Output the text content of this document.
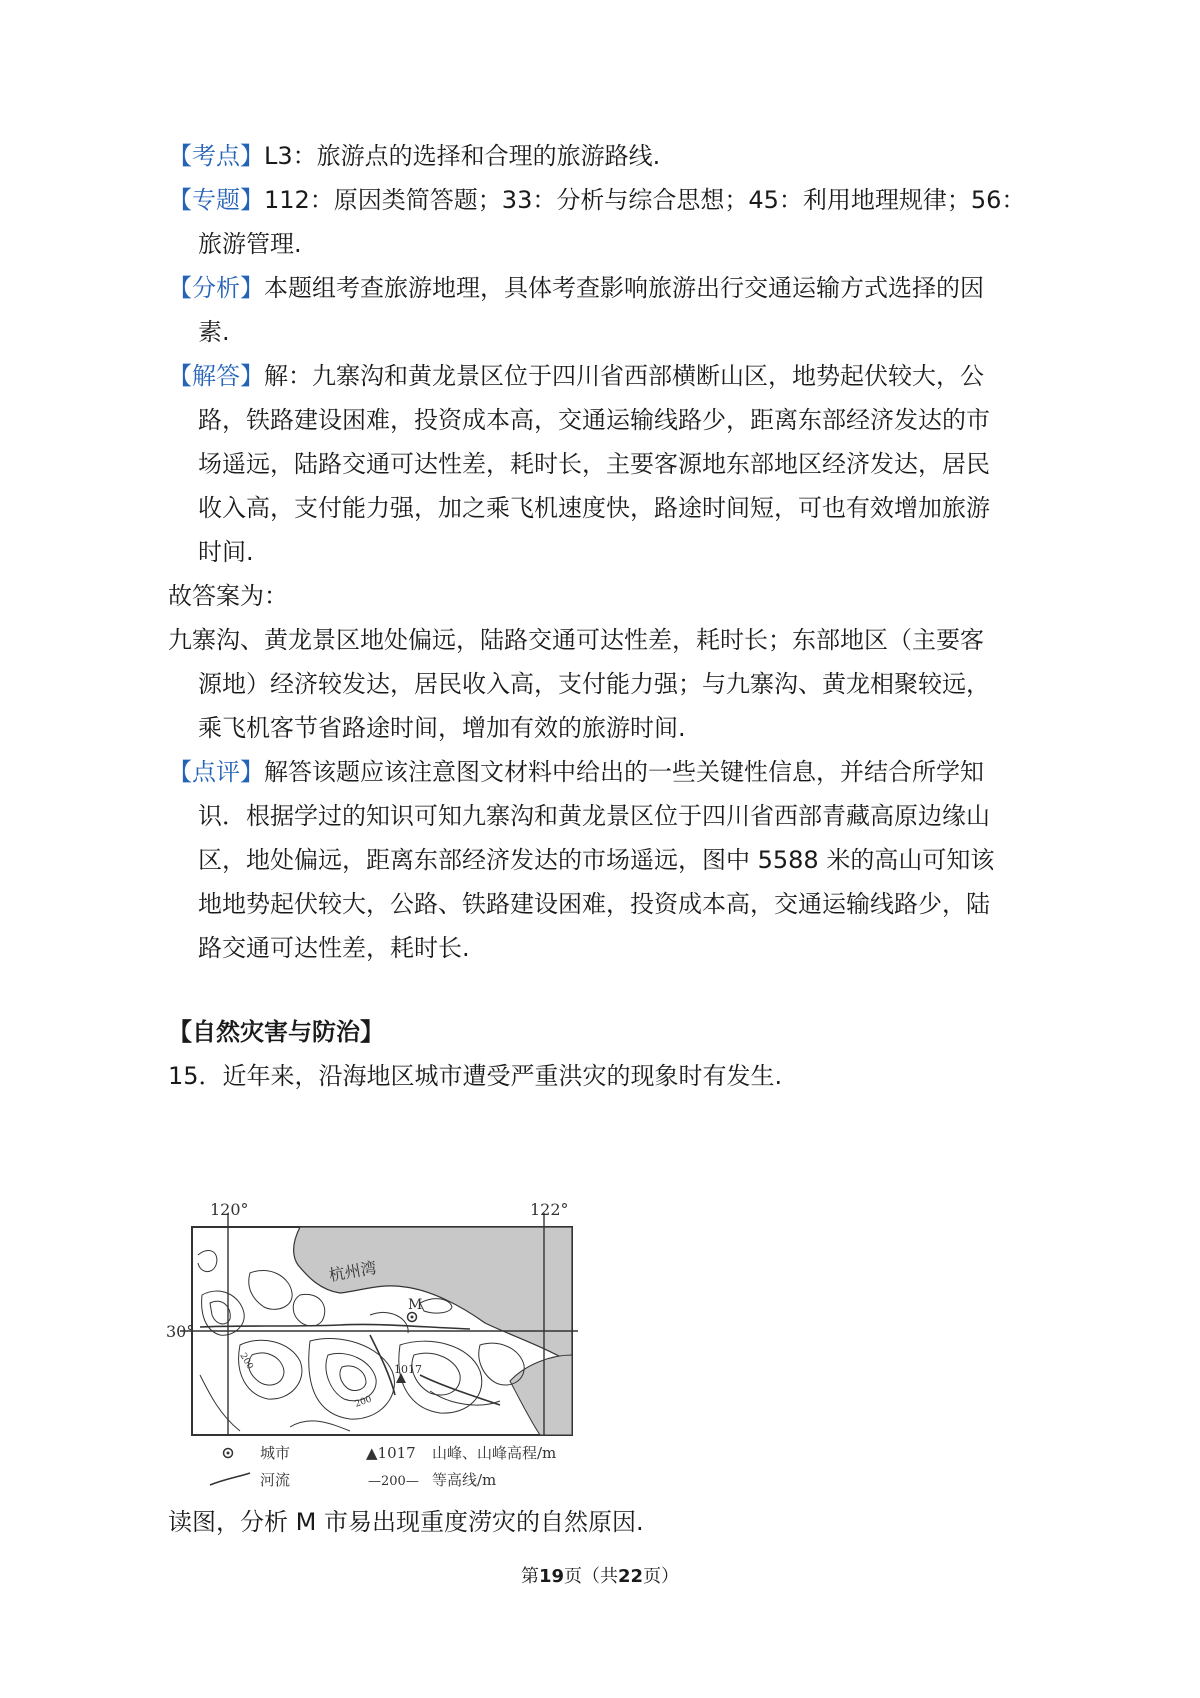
【考点】L3：旅游点的选择和合理的旅游路线.
【专题】112：原因类简答题；33：分析与综合思想；45：利用地理规律；56：
旅游管理.
【分析】本题组考查旅游地理，具体考查影响旅游出行交通运输方式选择的因
素.
【解答】解：九寨沟和黄龙景区位于四川省西部横断山区，地势起伏较大，公
路，铁路建设困难，投资成本高，交通运输线路少，距离东部经济发达的市
场遥远，陆路交通可达性差，耗时长，主要客源地东部地区经济发达，居民
收入高，支付能力强，加之乘飞机速度快，路途时间短，可也有效增加旅游
时间.
故答案为：
九寨沟、黄龙景区地处偏远，陆路交通可达性差，耗时长；东部地区（主要客
源地）经济较发达，居民收入高，支付能力强；与九寨沟、黄龙相聚较远，
乘飞机客节省路途时间，增加有效的旅游时间.
【点评】解答该题应该注意图文材料中给出的一些关键性信息，并结合所学知
识．根据学过的知识可知九寨沟和黄龙景区位于四川省西部青藏高原边缘山
区，地处偏远，距离东部经济发达的市场遥远，图中 5588 米的高山可知该
地地势起伏较大，公路、铁路建设困难，投资成本高，交通运输线路少，陆
路交通可达性差，耗时长.
【自然灾害与防治】
15．近年来，沿海地区城市遭受严重洪灾的现象时有发生.
120°	122°
30°
杭州湾
M
1017
200
200
城市	▲1017 山峰、山峰高程/m
河流	—200— 等高线/m
读图，分析 M 市易出现重度涝灾的自然原因.
第19页（共22页）
